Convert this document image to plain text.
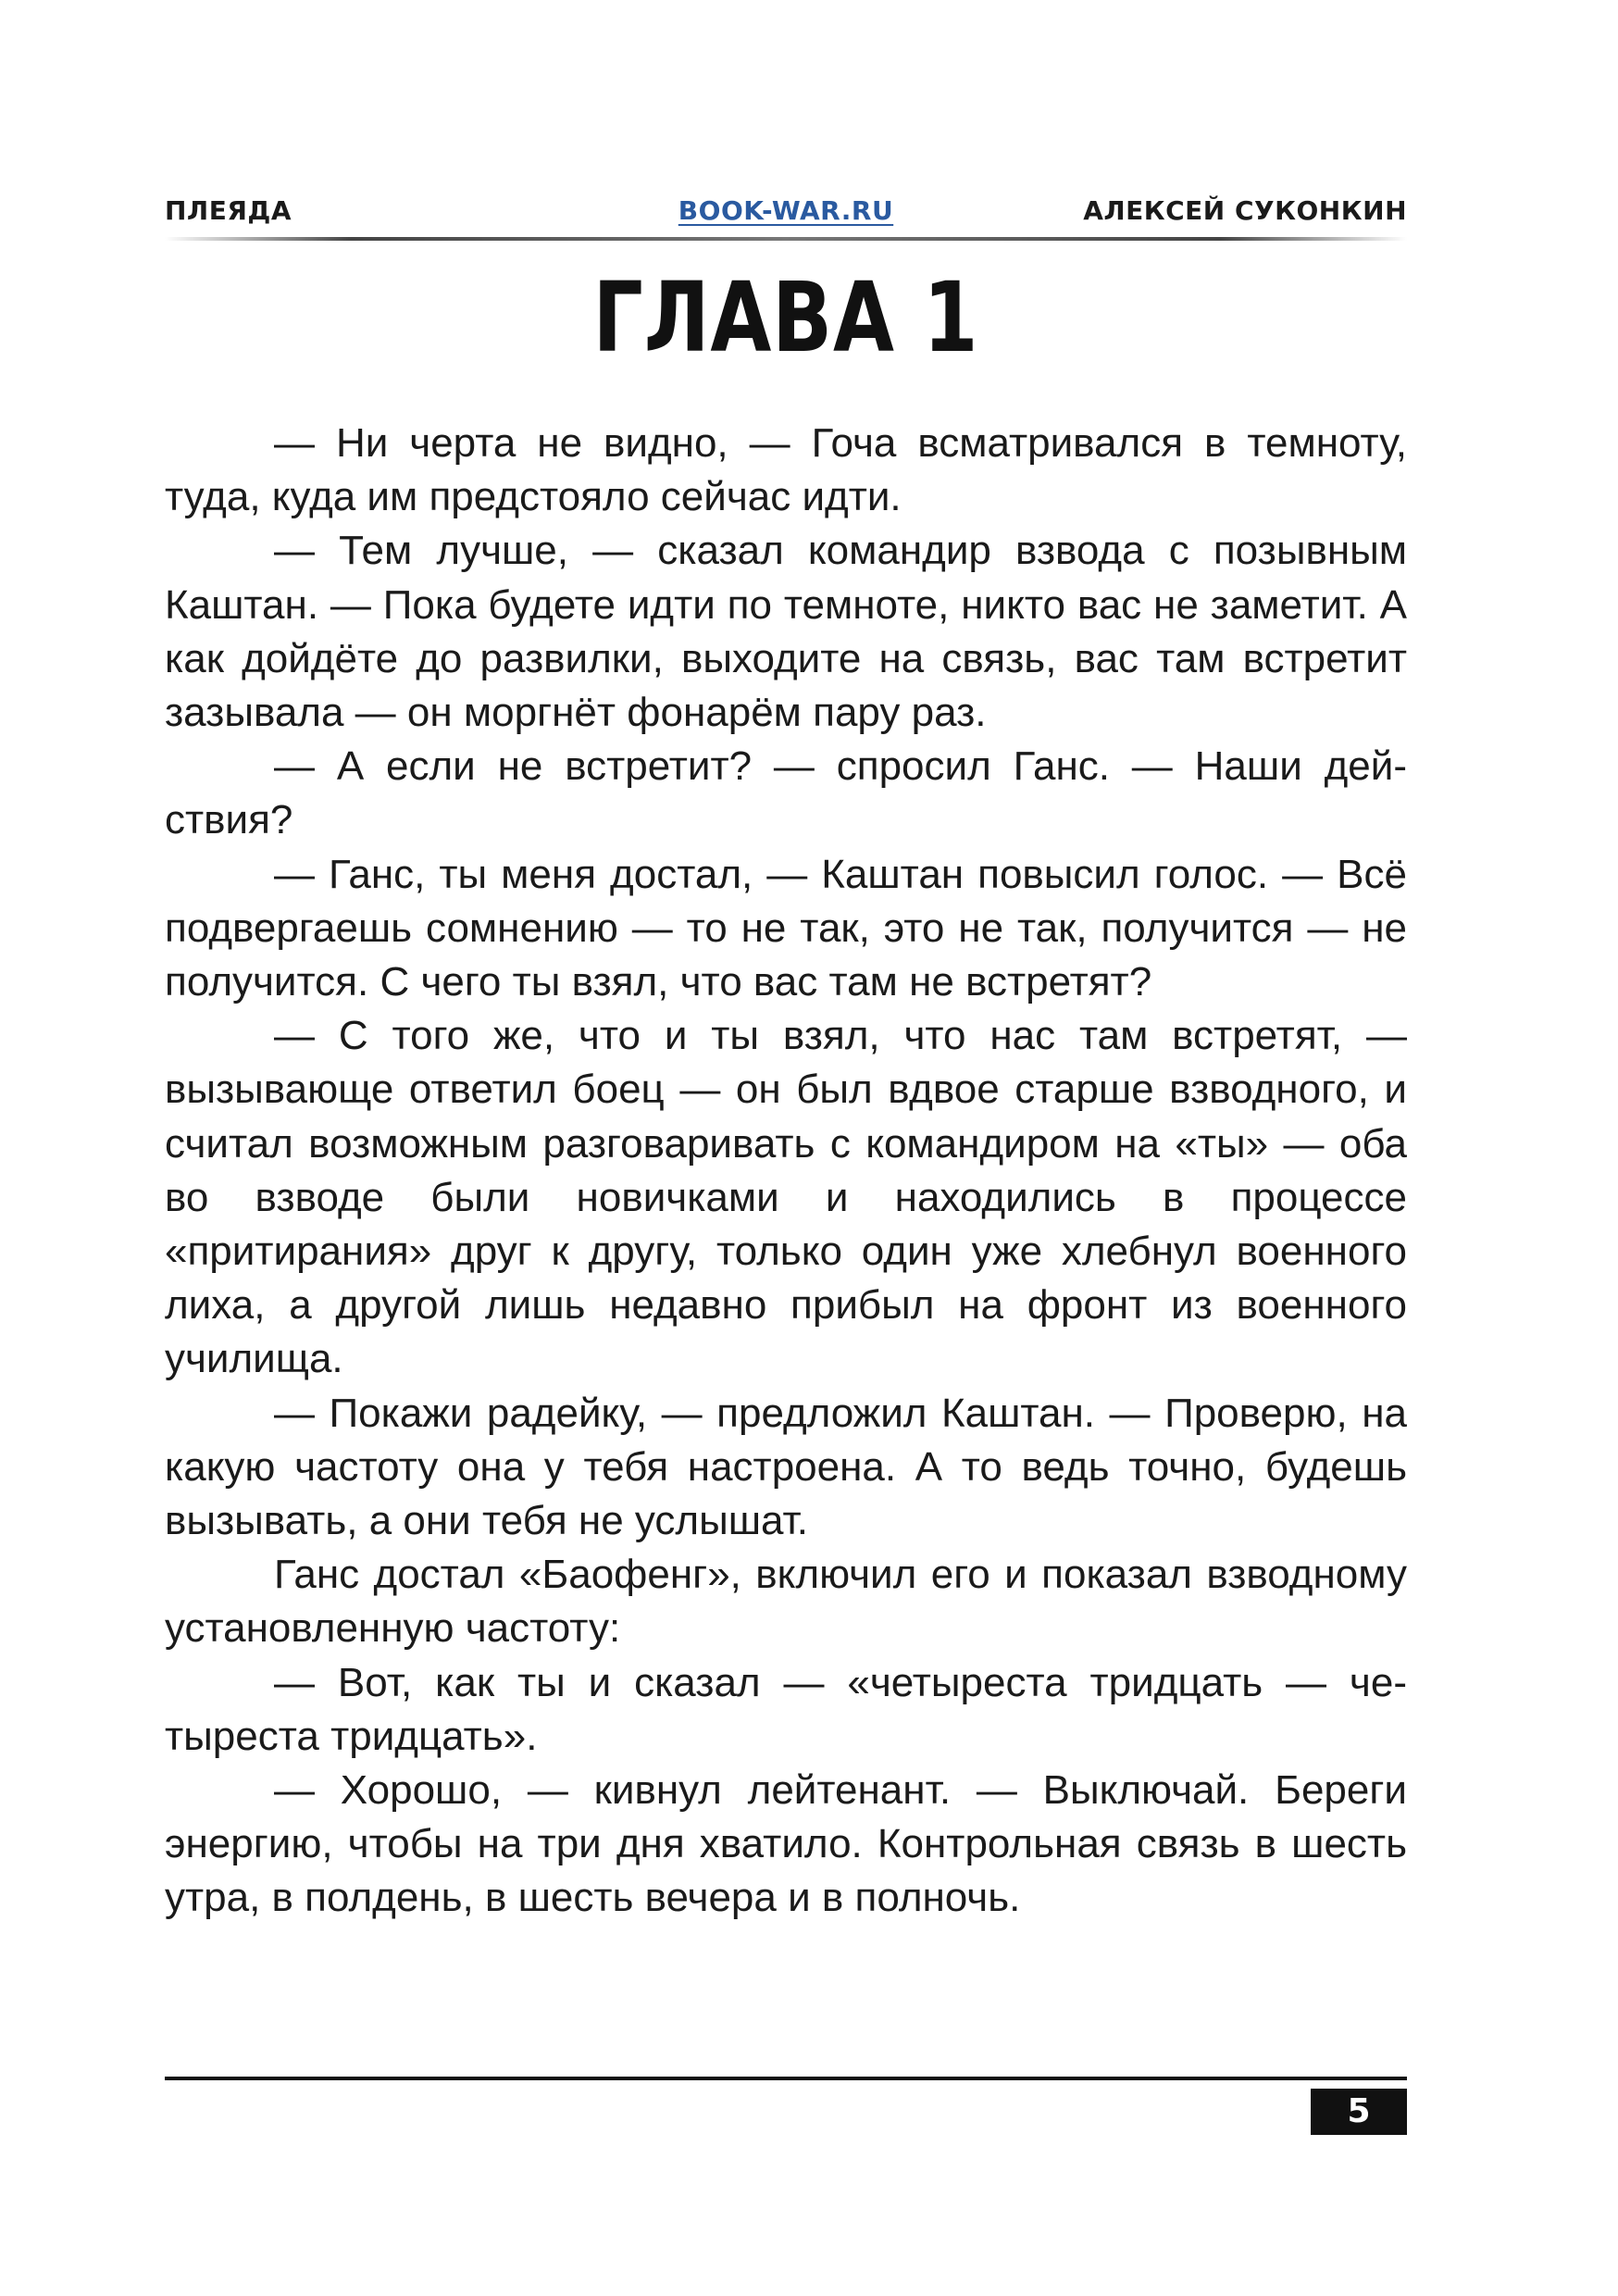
ПЛЕЯДА	BOOK-WAR.RU	АЛЕКСЕЙ СУКОНКИН
ГЛАВА 1

— Ни черта не видно, — Гоча всматривался в темноту, туда, куда им предстояло сейчас идти.

— Тем лучше, — сказал командир взвода с позывным Каштан. — Пока будете идти по темноте, никто вас не заметит. А как дойдёте до развилки, выходите на связь, вас там встретит зазывала — он моргнёт фонарём пару раз.

— А если не встретит? — спросил Ганс. — Наши действия?

— Ганс, ты меня достал, — Каштан повысил голос. — Всё подвергаешь сомнению — то не так, это не так, получится — не получится. С чего ты взял, что вас там не встретят?

— С того же, что и ты взял, что нас там встретят, — вызывающе ответил боец — он был вдвое старше взводного, и считал возможным разговаривать с командиром на «ты» — оба во взводе были новичками и находились в процессе «притирания» друг к другу, только один уже хлебнул военного лиха, а другой лишь недавно прибыл на фронт из военного училища.

— Покажи радейку, — предложил Каштан. — Проверю, на какую частоту она у тебя настроена. А то ведь точно, будешь вызывать, а они тебя не услышат.

Ганс достал «Баофенг», включил его и показал взводному установленную частоту:

— Вот, как ты и сказал — «четыреста тридцать — четыреста тридцать».

— Хорошо, — кивнул лейтенант. — Выключай. Береги энергию, чтобы на три дня хватило. Контрольная связь в шесть утра, в полдень, в шесть вечера и в полночь.

5
